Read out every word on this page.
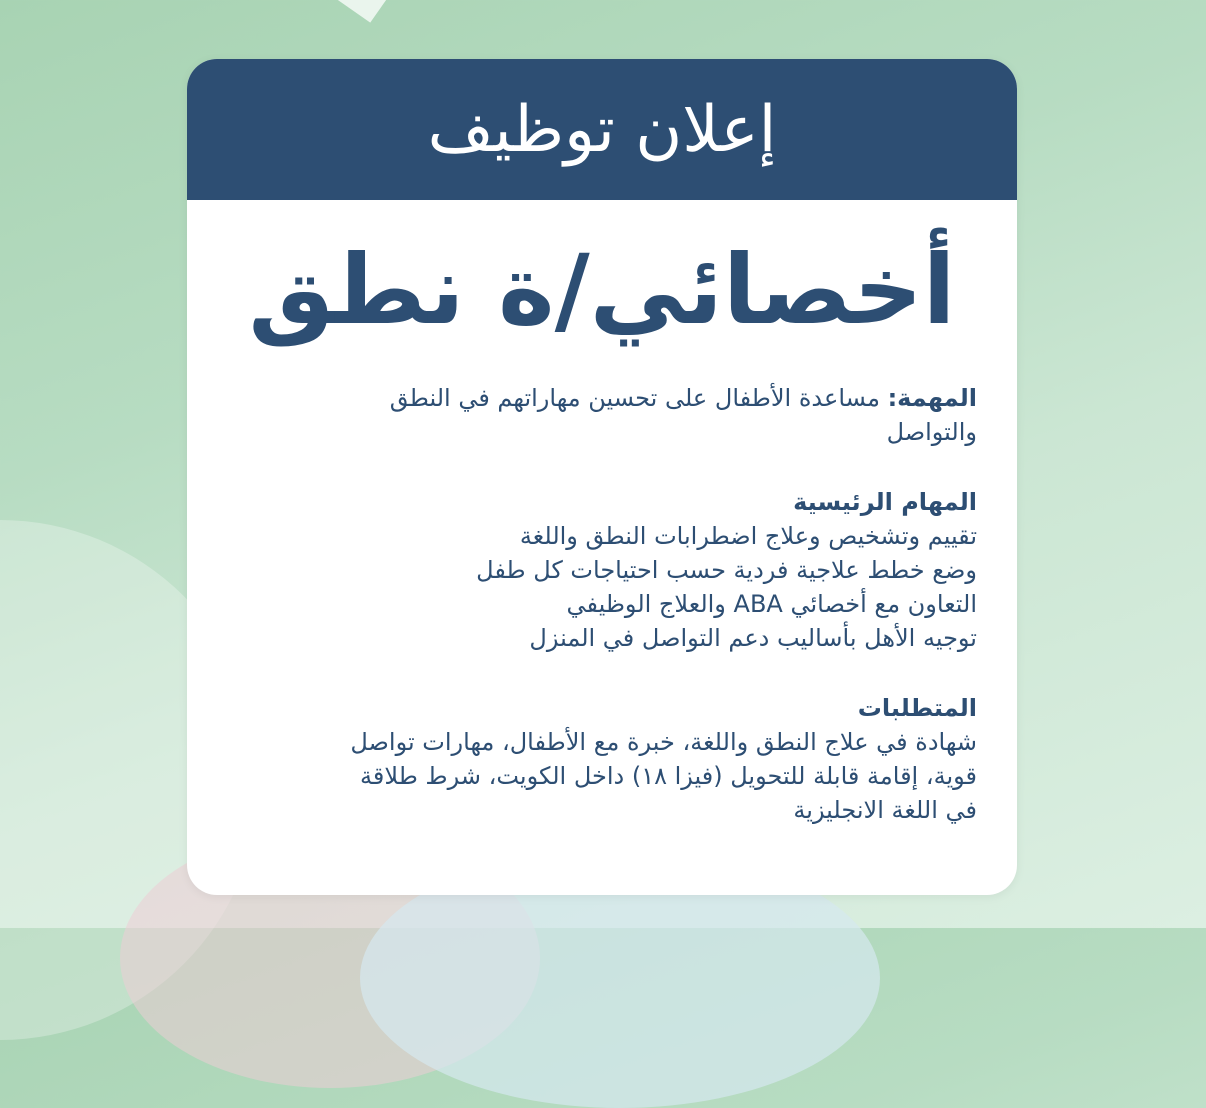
إعلان توظيف
أخصائي/ة نطق
المهمة: مساعدة الأطفال على تحسين مهاراتهم في النطق
والتواصل
المهام الرئيسية
تقييم وتشخيص وعلاج اضطرابات النطق واللغة
وضع خطط علاجية فردية حسب احتياجات كل طفل
التعاون مع أخصائي ABA والعلاج الوظيفي
توجيه الأهل بأساليب دعم التواصل في المنزل
المتطلبات
شهادة في علاج النطق واللغة، خبرة مع الأطفال، مهارات تواصل
قوية، إقامة قابلة للتحويل (فيزا ١٨) داخل الكويت، شرط طلاقة
في اللغة الانجليزية
